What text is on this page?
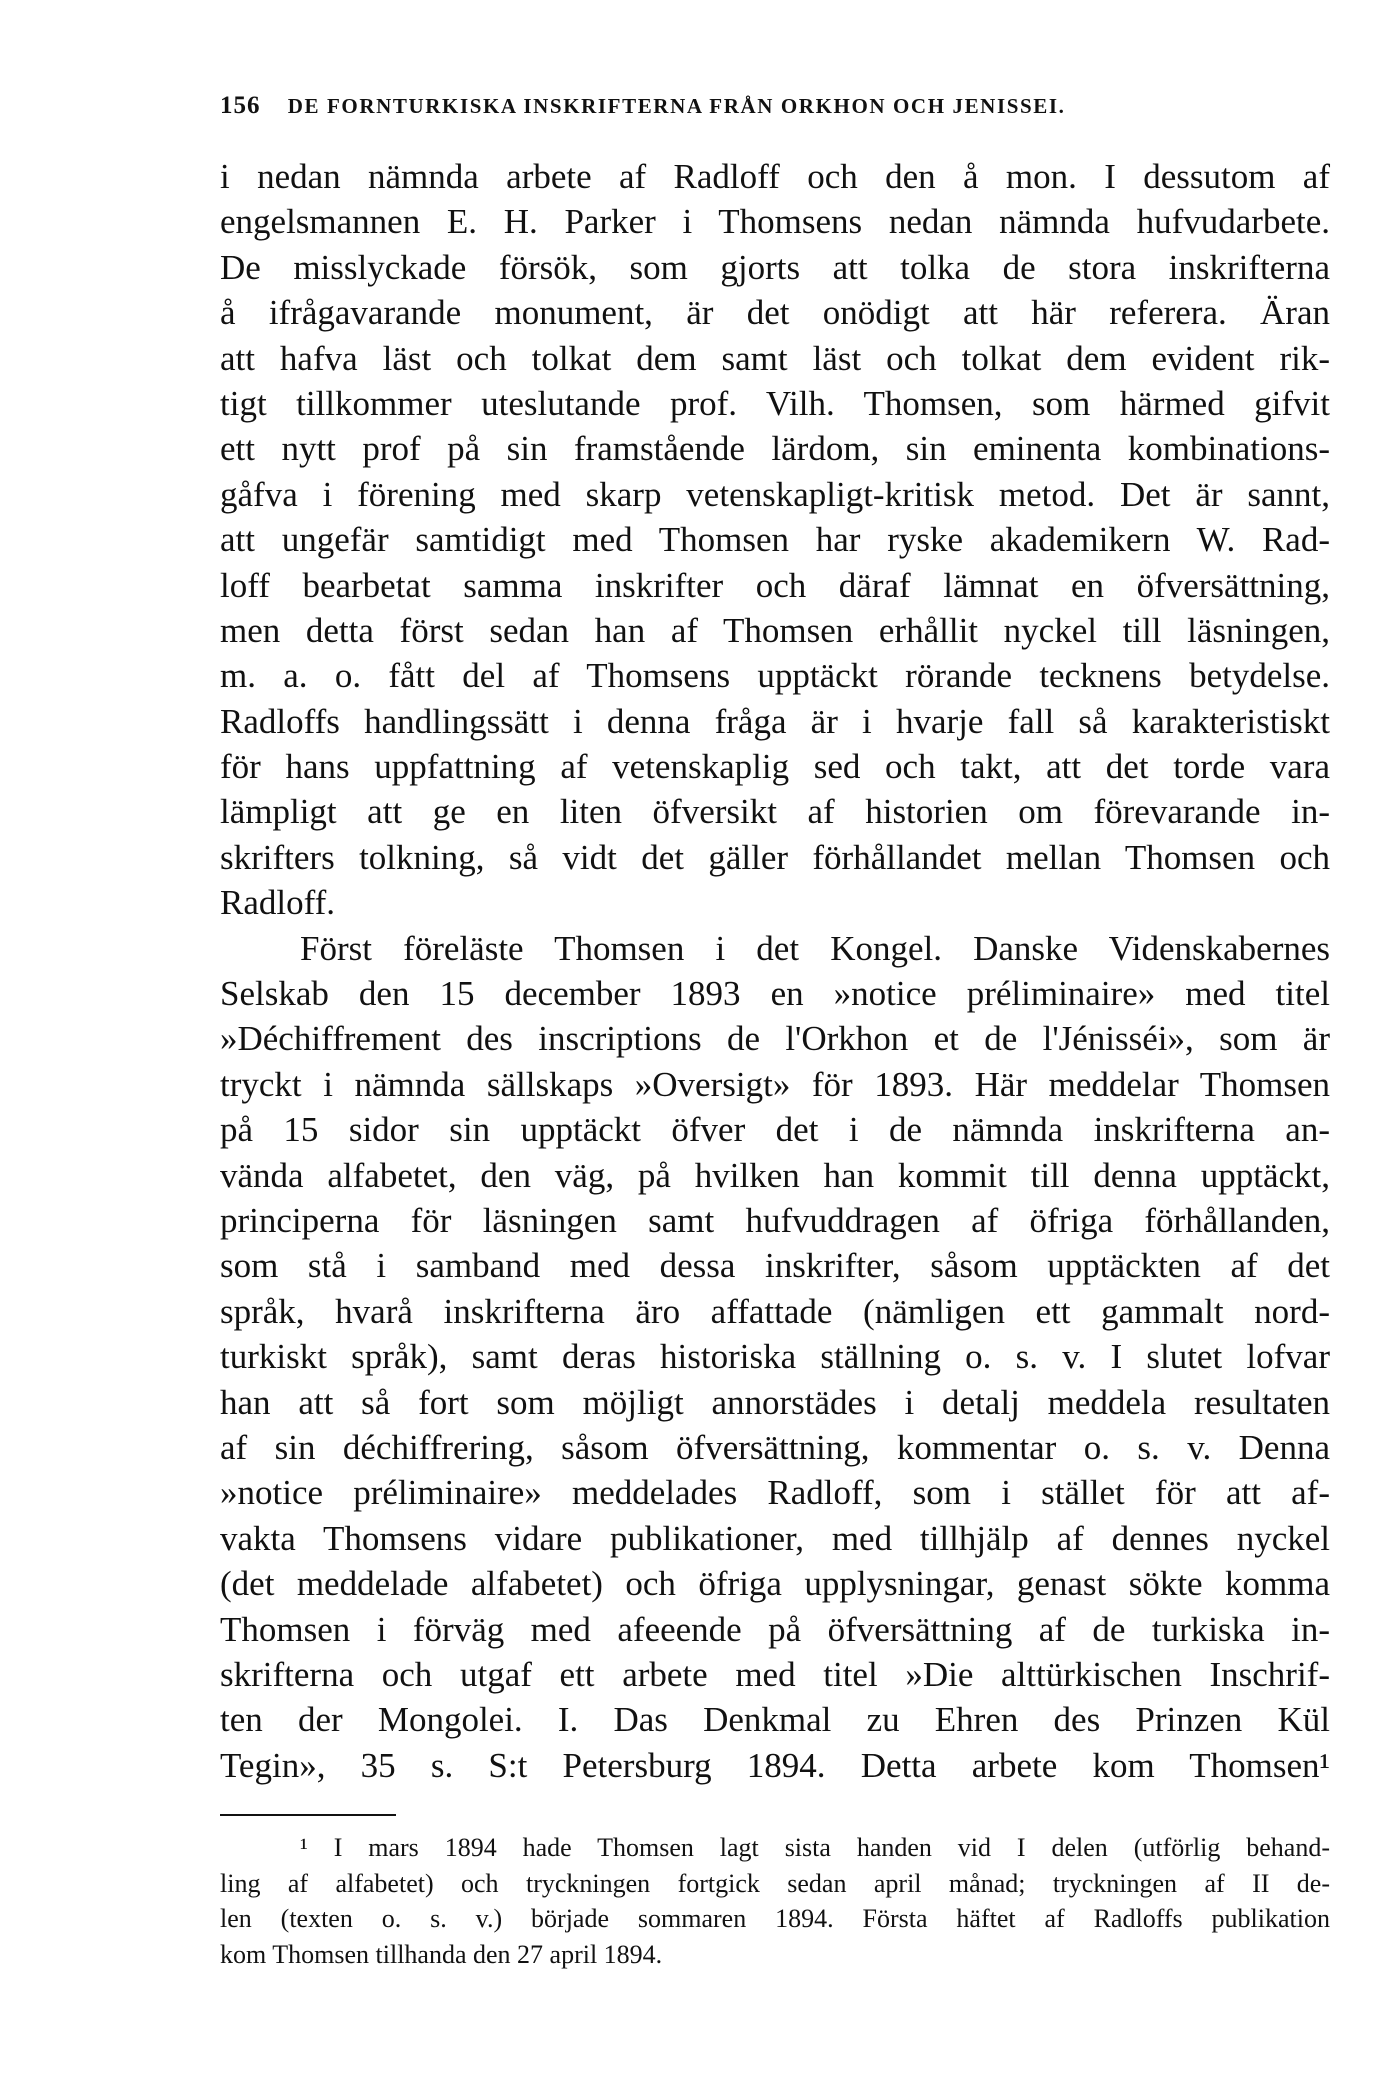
156 DE FORNTURKISKA INSKRIFTERNA FRÅN ORKHON OCH JENISSEI.
i nedan nämnda arbete af Radloff och den å mon. I dessutom af
engelsmannen E. H. Parker i Thomsens nedan nämnda hufvudarbete.
De misslyckade försök, som gjorts att tolka de stora inskrifterna
å ifrågavarande monument, är det onödigt att här referera. Äran
att hafva läst och tolkat dem samt läst och tolkat dem evident rik-
tigt tillkommer uteslutande prof. Vilh. Thomsen, som härmed gifvit
ett nytt prof på sin framstående lärdom, sin eminenta kombinations-
gåfva i förening med skarp vetenskapligt-kritisk metod. Det är sannt,
att ungefär samtidigt med Thomsen har ryske akademikern W. Rad-
loff bearbetat samma inskrifter och däraf lämnat en öfversättning,
men detta först sedan han af Thomsen erhållit nyckel till läsningen,
m. a. o. fått del af Thomsens upptäckt rörande tecknens betydelse.
Radloffs handlingssätt i denna fråga är i hvarje fall så karakteristiskt
för hans uppfattning af vetenskaplig sed och takt, att det torde vara
lämpligt att ge en liten öfversikt af historien om förevarande in-
skrifters tolkning, så vidt det gäller förhållandet mellan Thomsen och
Radloff.
Först föreläste Thomsen i det Kongel. Danske Videnskabernes
Selskab den 15 december 1893 en »notice préliminaire» med titel
»Déchiffrement des inscriptions de l'Orkhon et de l'Jénisséi», som är
tryckt i nämnda sällskaps »Oversigt» för 1893. Här meddelar Thomsen
på 15 sidor sin upptäckt öfver det i de nämnda inskrifterna an-
vända alfabetet, den väg, på hvilken han kommit till denna upptäckt,
principerna för läsningen samt hufvuddragen af öfriga förhållanden,
som stå i samband med dessa inskrifter, såsom upptäckten af det
språk, hvarå inskrifterna äro affattade (nämligen ett gammalt nord-
turkiskt språk), samt deras historiska ställning o. s. v. I slutet lofvar
han att så fort som möjligt annorstädes i detalj meddela resultaten
af sin déchiffrering, såsom öfversättning, kommentar o. s. v. Denna
»notice préliminaire» meddelades Radloff, som i stället för att af-
vakta Thomsens vidare publikationer, med tillhjälp af dennes nyckel
(det meddelade alfabetet) och öfriga upplysningar, genast sökte komma
Thomsen i förväg med afeeende på öfversättning af de turkiska in-
skrifterna och utgaf ett arbete med titel »Die alttürkischen Inschrif-
ten der Mongolei. I. Das Denkmal zu Ehren des Prinzen Kül
Tegin», 35 s. S:t Petersburg 1894. Detta arbete kom Thomsen¹
¹ I mars 1894 hade Thomsen lagt sista handen vid I delen (utförlig behand-
ling af alfabetet) och tryckningen fortgick sedan april månad; tryckningen af II de-
len (texten o. s. v.) började sommaren 1894. Första häftet af Radloffs publikation
kom Thomsen tillhanda den 27 april 1894.
